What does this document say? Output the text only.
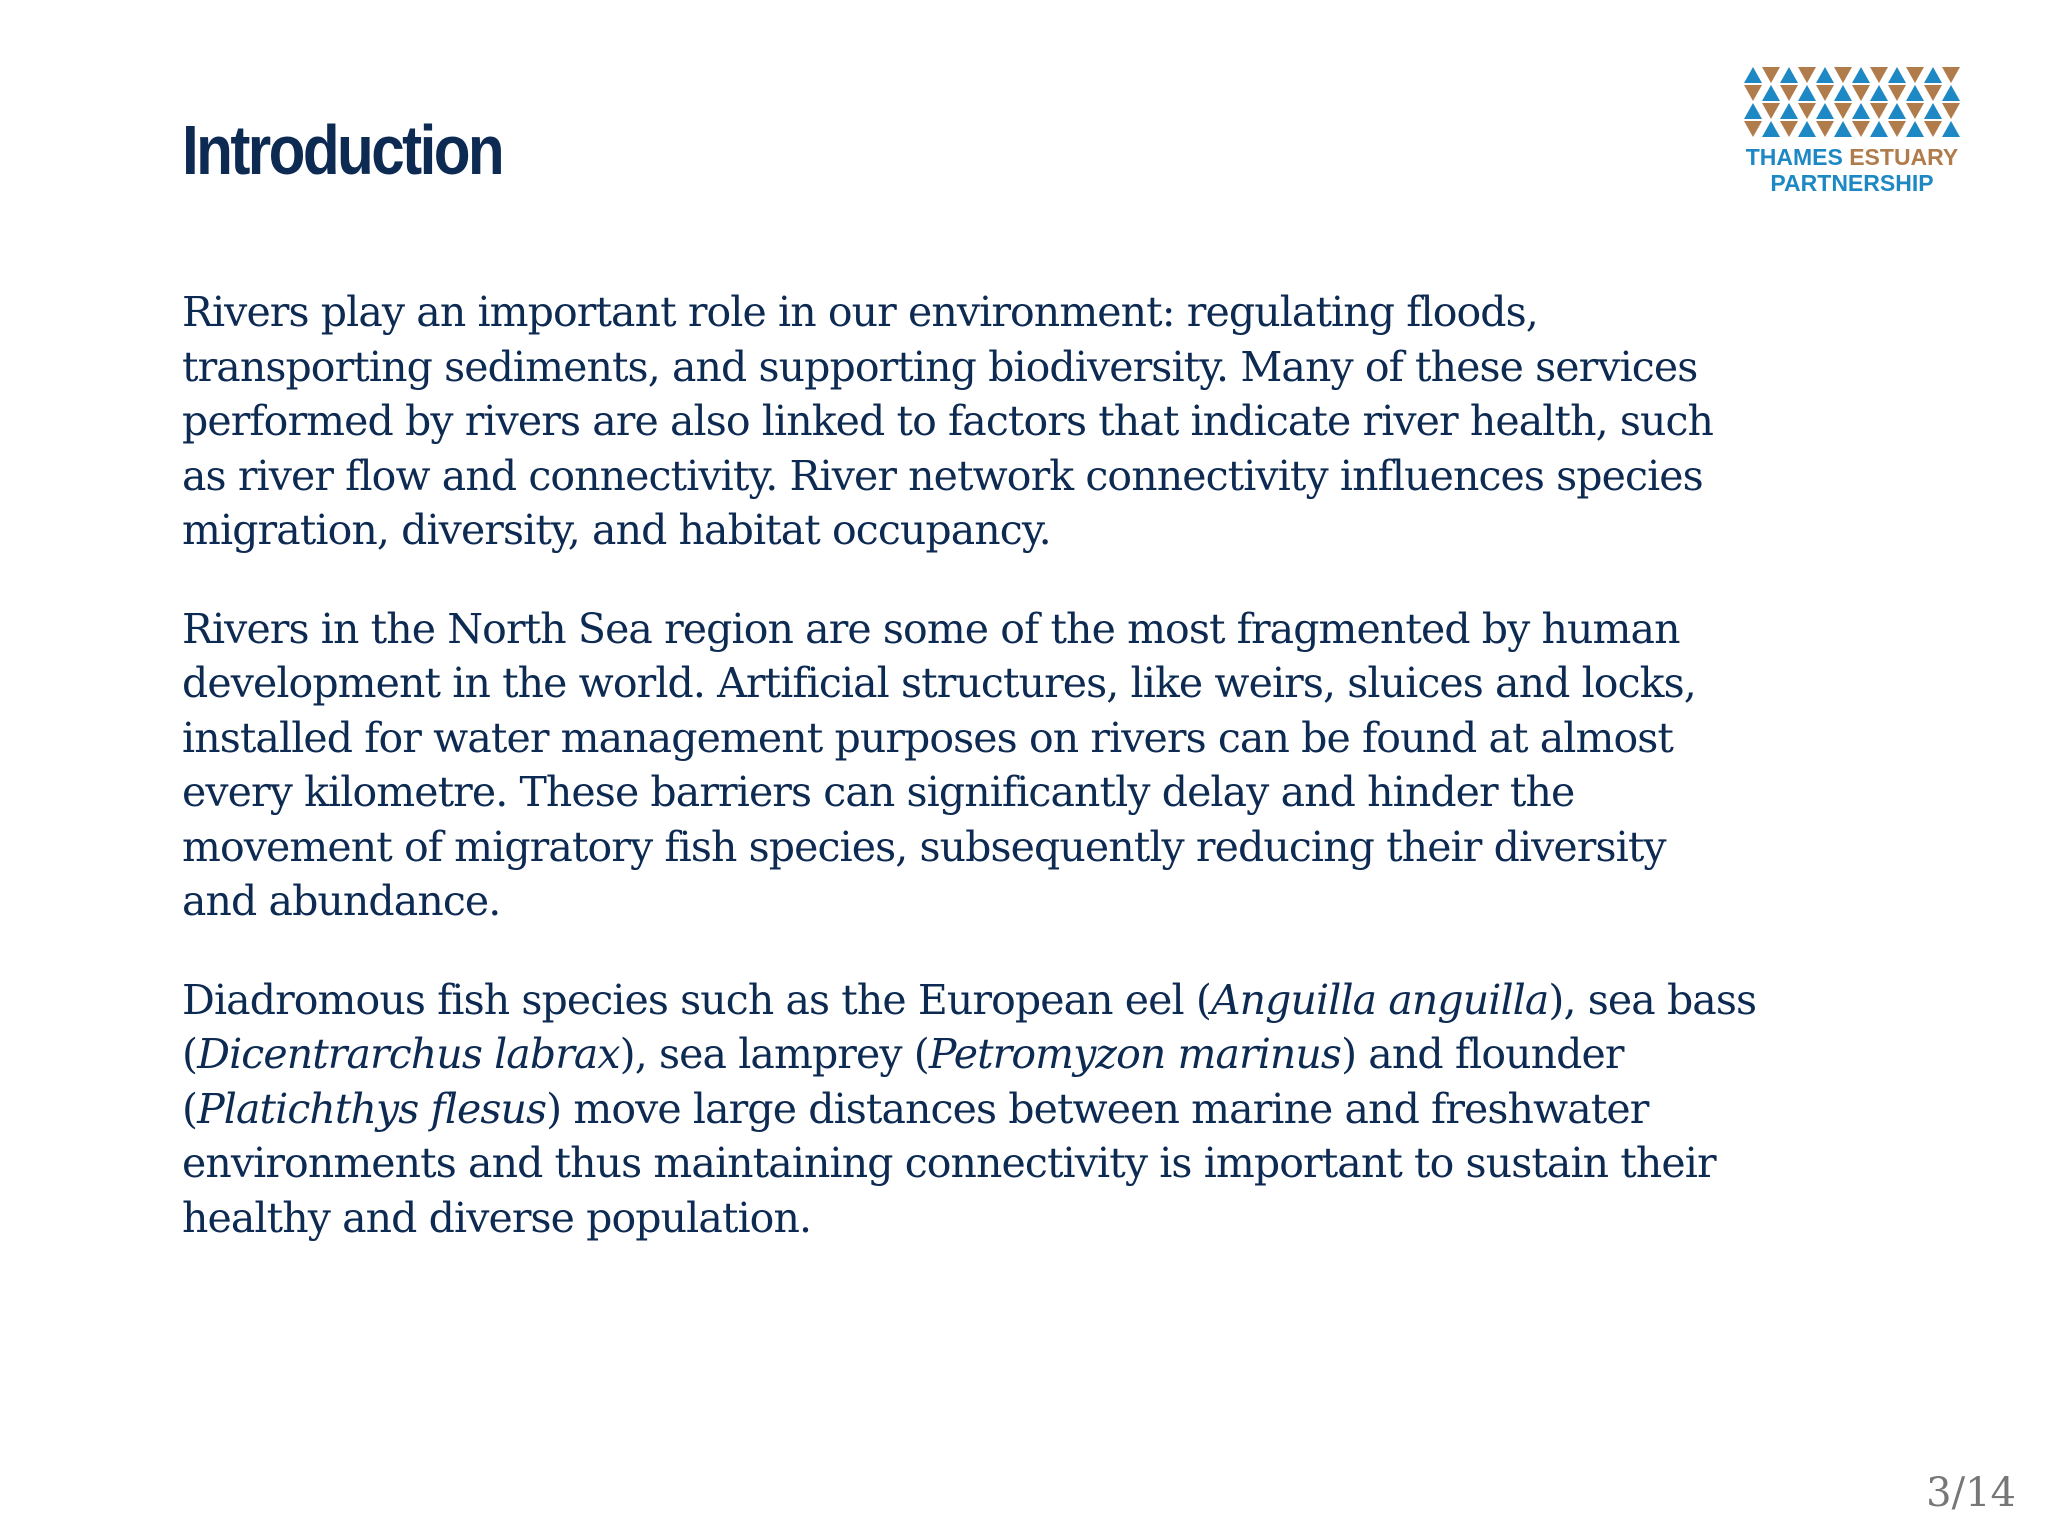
Introduction	THAMES ESTUARY
PARTNERSHIP

Rivers play an important role in our environment: regulating floods,
transporting sediments, and supporting biodiversity. Many of these services
performed by rivers are also linked to factors that indicate river health, such
as river flow and connectivity. River network connectivity influences species
migration, diversity, and habitat occupancy.

Rivers in the North Sea region are some of the most fragmented by human
development in the world. Artificial structures, like weirs, sluices and locks,
installed for water management purposes on rivers can be found at almost
every kilometre. These barriers can significantly delay and hinder the
movement of migratory fish species, subsequently reducing their diversity
and abundance.

Diadromous fish species such as the European eel (Anguilla anguilla), sea bass
(Dicentrarchus labrax), sea lamprey (Petromyzon marinus) and flounder
(Platichthys flesus) move large distances between marine and freshwater
environments and thus maintaining connectivity is important to sustain their
healthy and diverse population.

3/14
